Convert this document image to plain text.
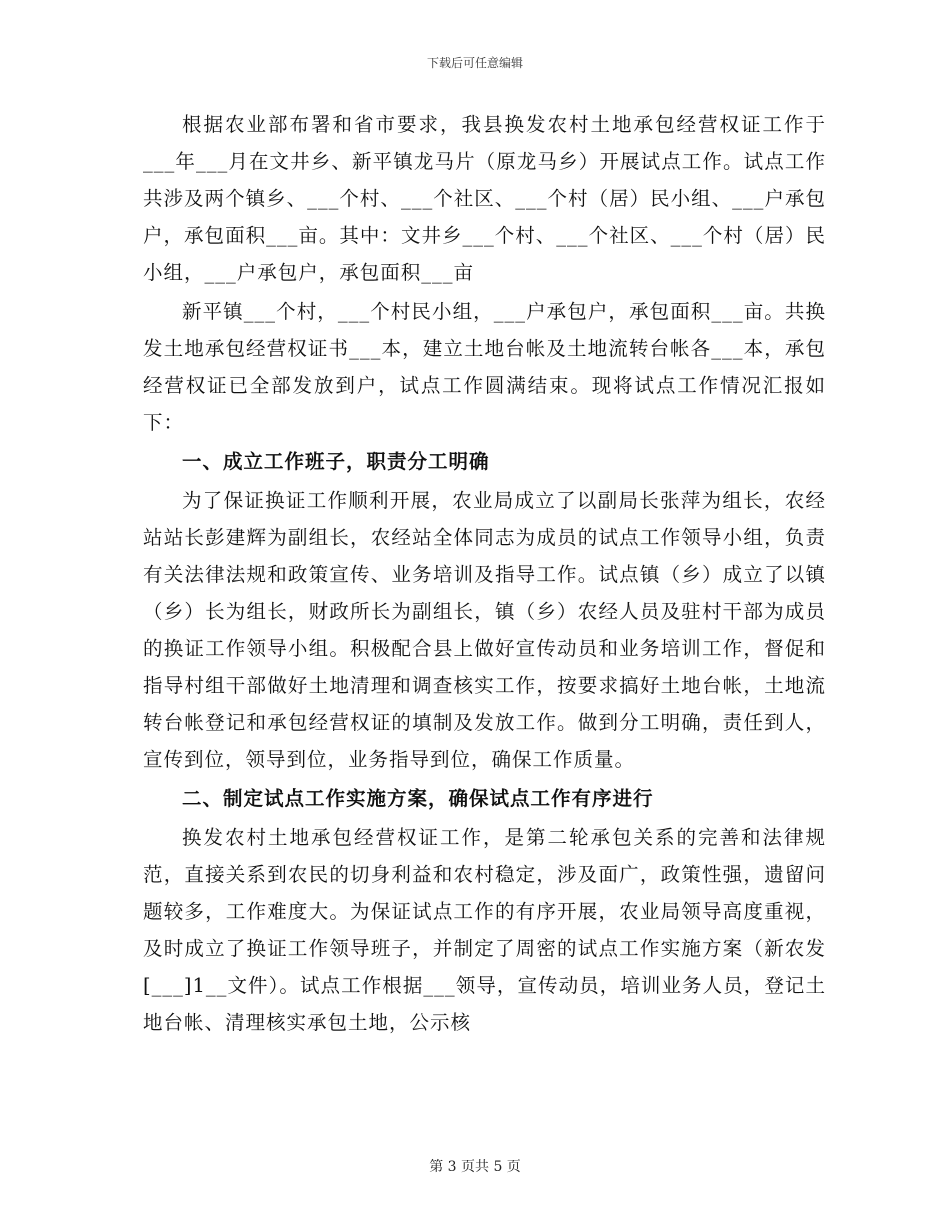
下载后可任意编辑

根据农业部布署和省市要求，我县换发农村土地承包经营权证工作于___年___月在文井乡、新平镇龙马片（原龙马乡）开展试点工作。试点工作共涉及两个镇乡、___个村、___个社区、___个村（居）民小组、___户承包户，承包面积___亩。其中：文井乡___个村、___个社区、___个村（居）民小组，___户承包户，承包面积___亩

新平镇___个村，___个村民小组，___户承包户，承包面积___亩。共换发土地承包经营权证书___本，建立土地台帐及土地流转台帐各___本，承包经营权证已全部发放到户，试点工作圆满结束。现将试点工作情况汇报如下：

一、成立工作班子，职责分工明确

为了保证换证工作顺利开展，农业局成立了以副局长张萍为组长，农经站站长彭建辉为副组长，农经站全体同志为成员的试点工作领导小组，负责有关法律法规和政策宣传、业务培训及指导工作。试点镇（乡）成立了以镇（乡）长为组长，财政所长为副组长，镇（乡）农经人员及驻村干部为成员的换证工作领导小组。积极配合县上做好宣传动员和业务培训工作，督促和指导村组干部做好土地清理和调查核实工作，按要求搞好土地台帐，土地流转台帐登记和承包经营权证的填制及发放工作。做到分工明确，责任到人，宣传到位，领导到位，业务指导到位，确保工作质量。

二、制定试点工作实施方案，确保试点工作有序进行

换发农村土地承包经营权证工作，是第二轮承包关系的完善和法律规范，直接关系到农民的切身利益和农村稳定，涉及面广，政策性强，遗留问题较多，工作难度大。为保证试点工作的有序开展，农业局领导高度重视，及时成立了换证工作领导班子，并制定了周密的试点工作实施方案（新农发[___]1__文件）。试点工作根据___领导，宣传动员，培训业务人员，登记土地台帐、清理核实承包土地，公示核

第 3 页共 5 页
